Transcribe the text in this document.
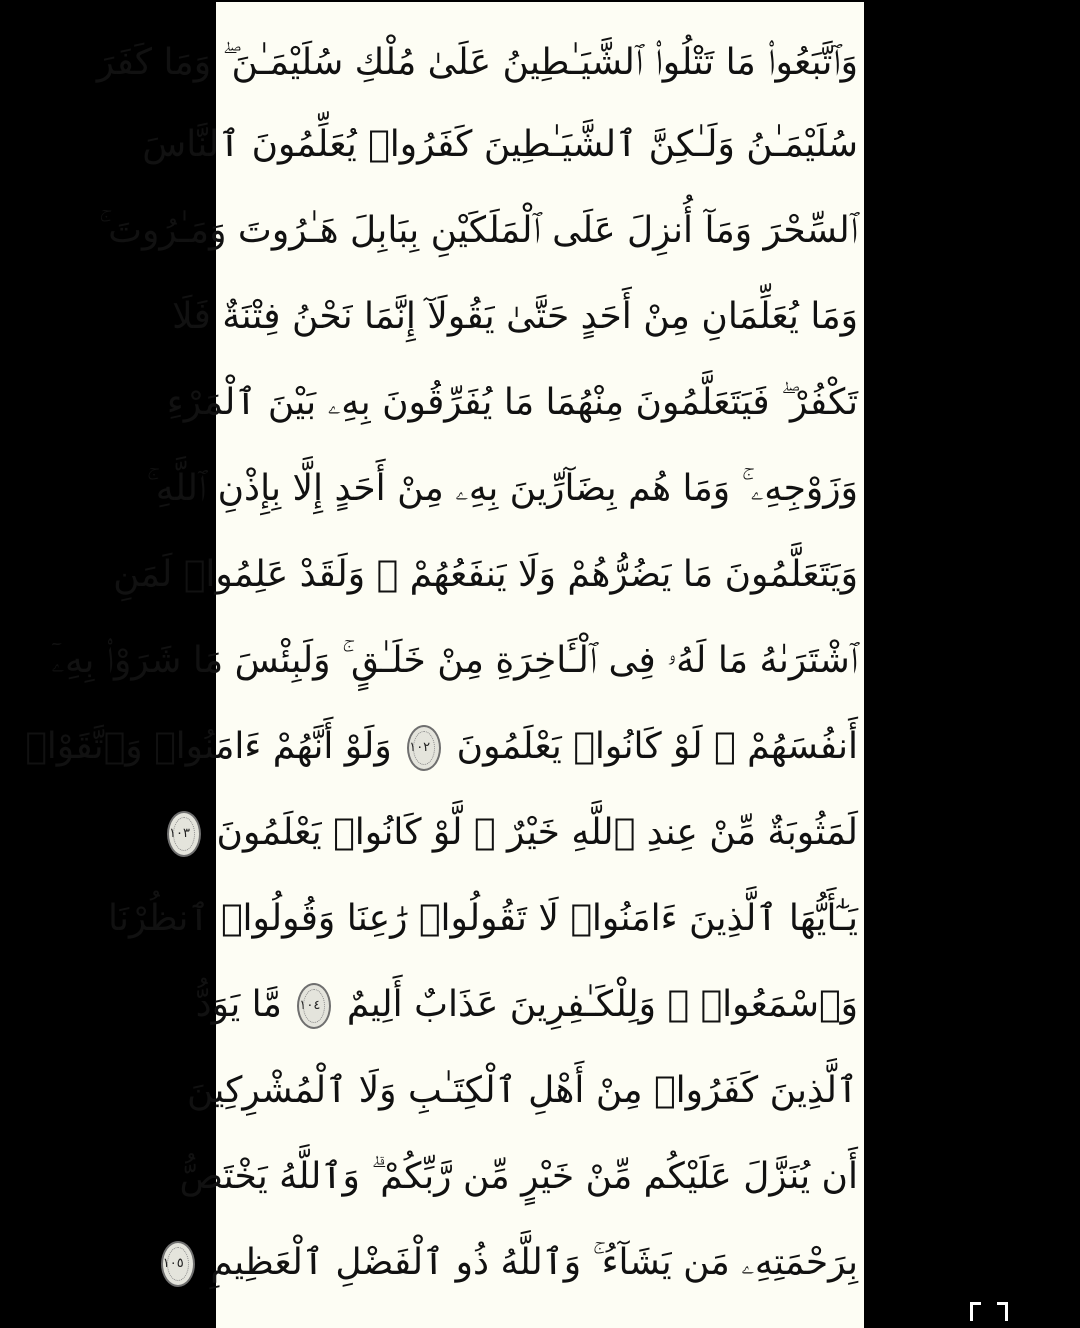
وَٱتَّبَعُوا۟ مَا تَتْلُوا۟ ٱلشَّيَـٰطِينُ عَلَىٰ مُلْكِ سُلَيْمَـٰنَ ۖ وَمَا كَفَرَ
سُلَيْمَـٰنُ وَلَـٰكِنَّ ٱلشَّيَـٰطِينَ كَفَرُوا۟ يُعَلِّمُونَ ٱلنَّاسَ
ٱلسِّحْرَ وَمَآ أُنزِلَ عَلَى ٱلْمَلَكَيْنِ بِبَابِلَ هَـٰرُوتَ وَمَـٰرُوتَ ۚ
وَمَا يُعَلِّمَانِ مِنْ أَحَدٍ حَتَّىٰ يَقُولَآ إِنَّمَا نَحْنُ فِتْنَةٌ فَلَا
تَكْفُرْ ۖ فَيَتَعَلَّمُونَ مِنْهُمَا مَا يُفَرِّقُونَ بِهِۦ بَيْنَ ٱلْمَرْءِ
وَزَوْجِهِۦ ۚ وَمَا هُم بِضَآرِّينَ بِهِۦ مِنْ أَحَدٍ إِلَّا بِإِذْنِ ٱللَّهِ ۚ
وَيَتَعَلَّمُونَ مَا يَضُرُّهُمْ وَلَا يَنفَعُهُمْ ۚ وَلَقَدْ عَلِمُوا۟ لَمَنِ
ٱشْتَرَىٰهُ مَا لَهُۥ فِى ٱلْـَٔاخِرَةِ مِنْ خَلَـٰقٍ ۚ وَلَبِئْسَ مَا شَرَوْا۟ بِهِۦٓ
أَنفُسَهُمْ ۚ لَوْ كَانُوا۟ يَعْلَمُونَ ١٠٢ وَلَوْ أَنَّهُمْ ءَامَنُوا۟ وَٱتَّقَوْا۟
لَمَثُوبَةٌ مِّنْ عِندِ ٱللَّهِ خَيْرٌ ۖ لَّوْ كَانُوا۟ يَعْلَمُونَ ١٠٣
يَـٰٓأَيُّهَا ٱلَّذِينَ ءَامَنُوا۟ لَا تَقُولُوا۟ رَٰعِنَا وَقُولُوا۟ ٱنظُرْنَا
وَٱسْمَعُوا۟ ۗ وَلِلْكَـٰفِرِينَ عَذَابٌ أَلِيمٌ ١٠٤ مَّا يَوَدُّ
ٱلَّذِينَ كَفَرُوا۟ مِنْ أَهْلِ ٱلْكِتَـٰبِ وَلَا ٱلْمُشْرِكِينَ
أَن يُنَزَّلَ عَلَيْكُم مِّنْ خَيْرٍ مِّن رَّبِّكُمْ ۗ وَٱللَّهُ يَخْتَصُّ
بِرَحْمَتِهِۦ مَن يَشَآءُ ۚ وَٱللَّهُ ذُو ٱلْفَضْلِ ٱلْعَظِيمِ ١٠٥
